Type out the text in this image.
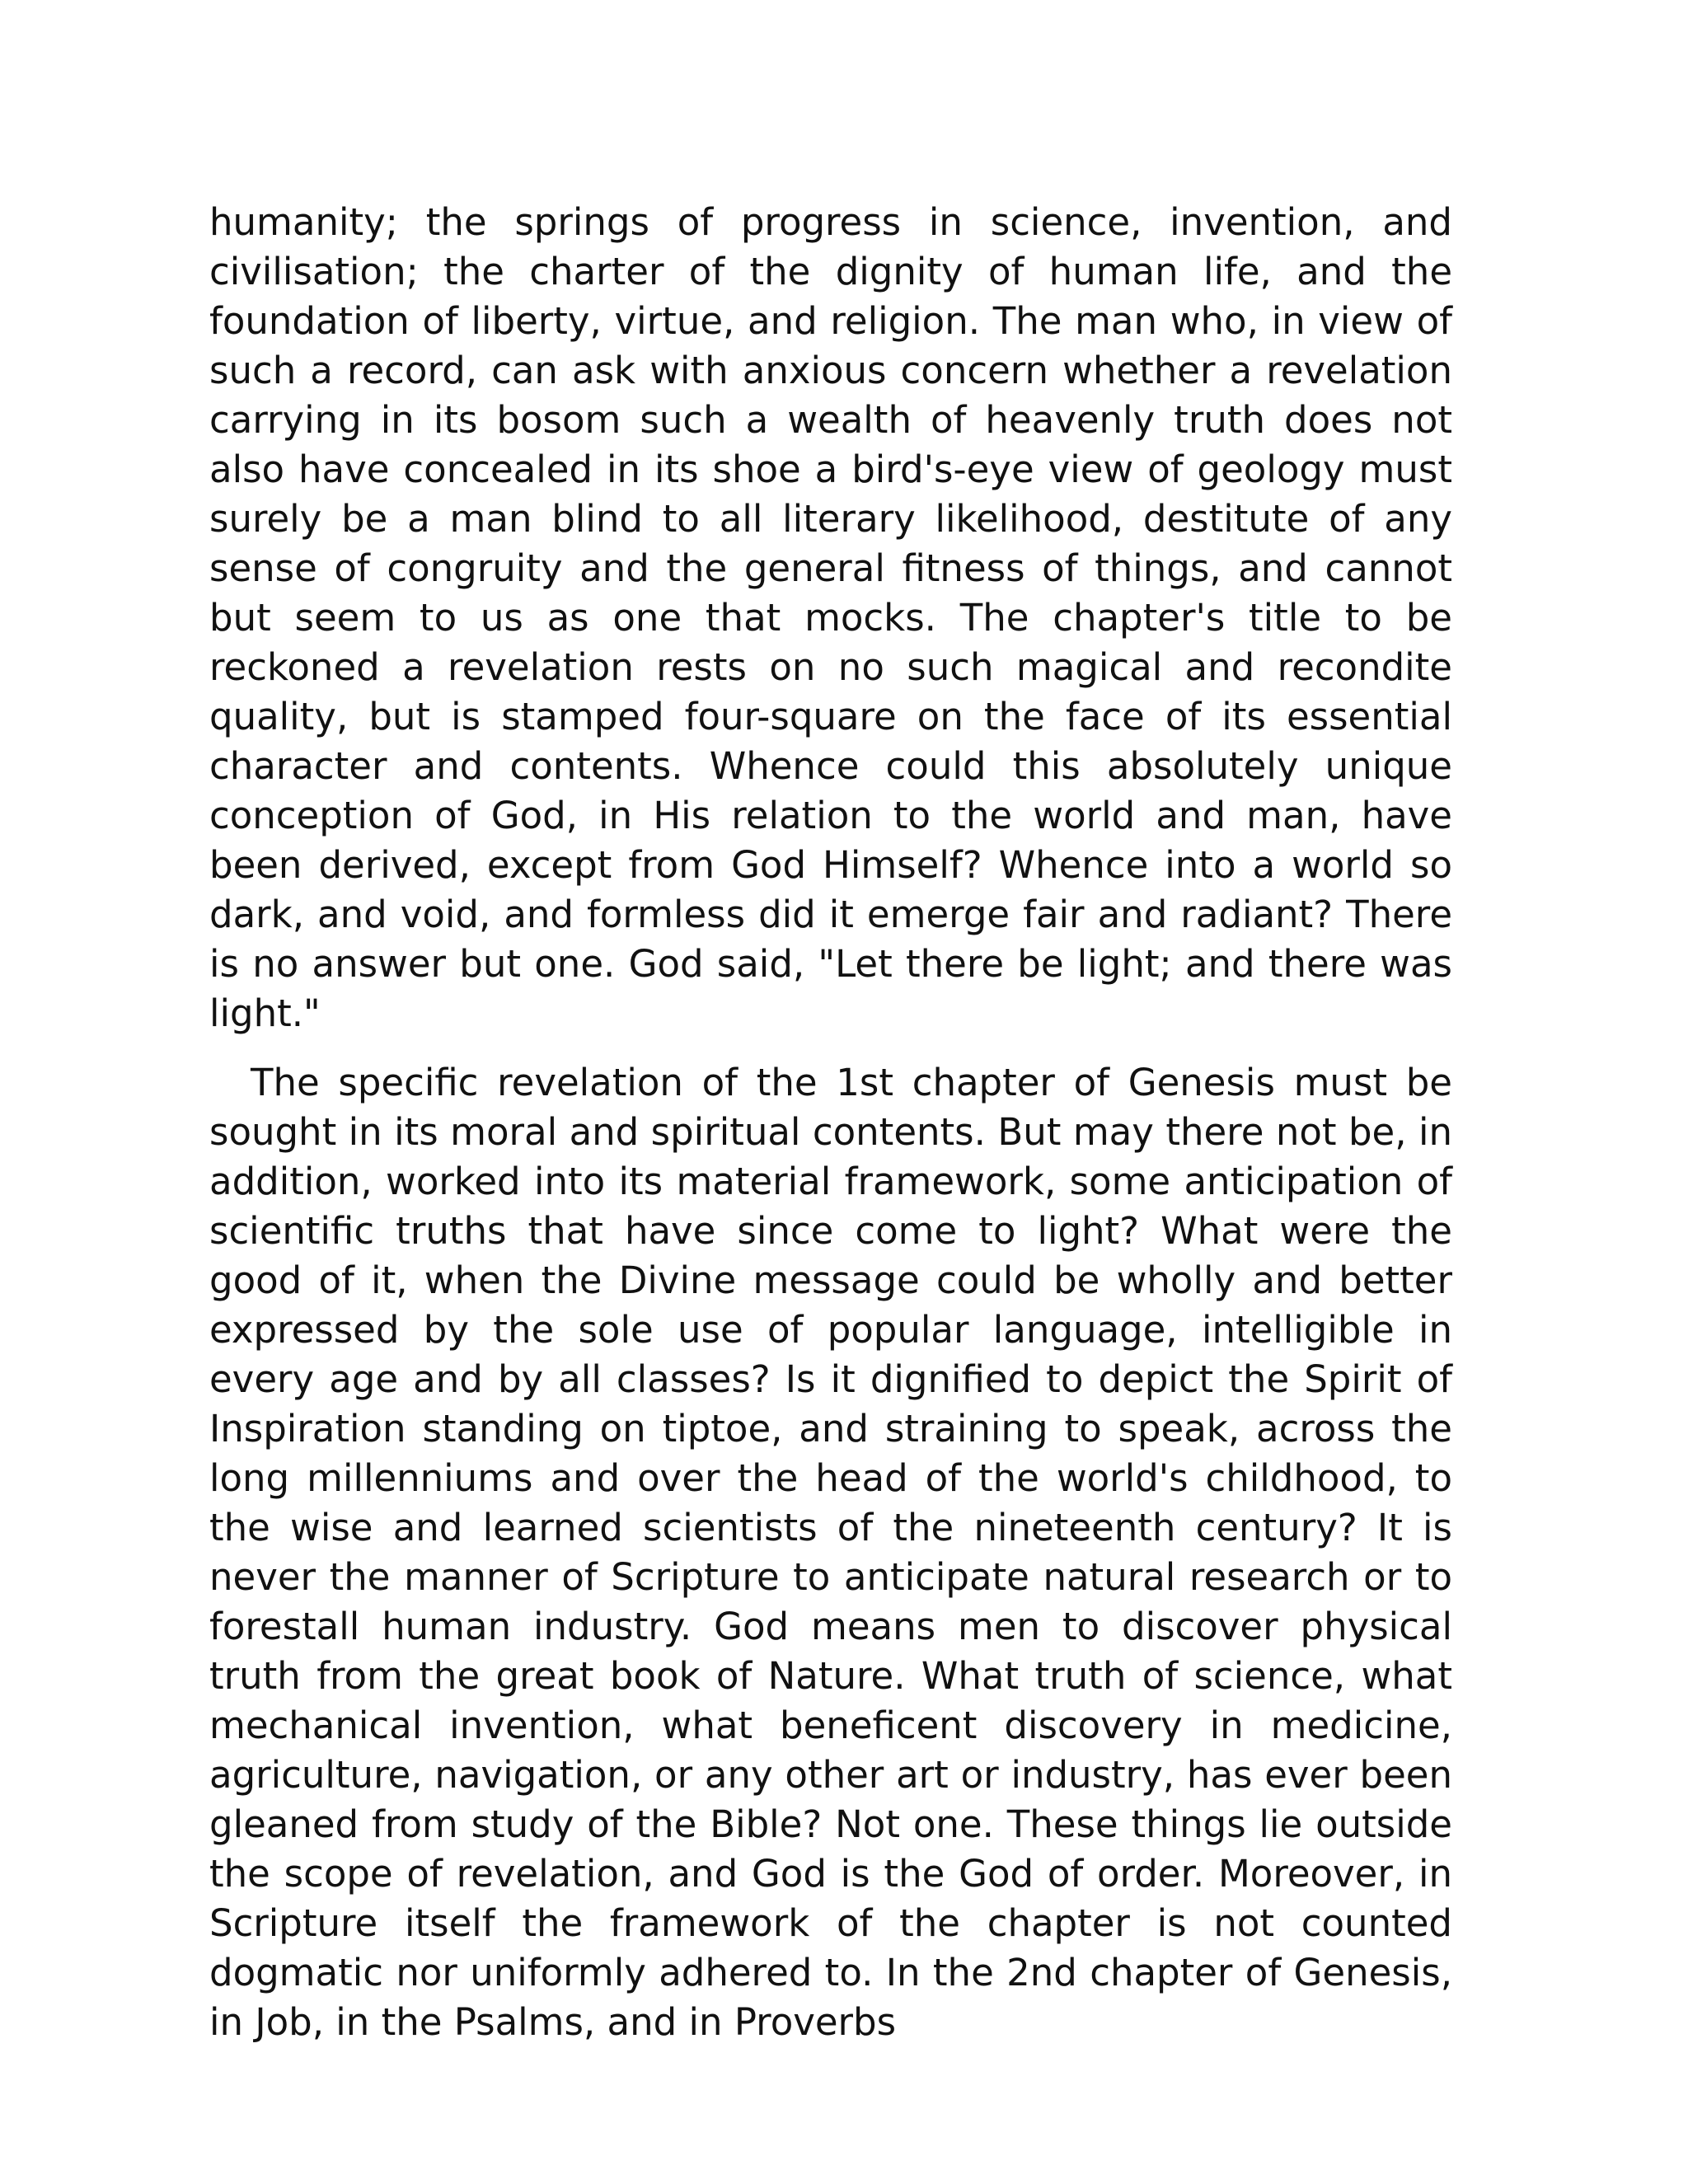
humanity; the springs of progress in science, invention, and civilisation; the charter of the dignity of human life, and the foundation of liberty, virtue, and religion. The man who, in view of such a record, can ask with anxious concern whether a revelation carrying in its bosom such a wealth of heavenly truth does not also have concealed in its shoe a bird's-eye view of geology must surely be a man blind to all literary likelihood, destitute of any sense of congruity and the general fitness of things, and cannot but seem to us as one that mocks. The chapter's title to be reckoned a revelation rests on no such magical and recondite quality, but is stamped four-square on the face of its essential character and contents. Whence could this absolutely unique conception of God, in His relation to the world and man, have been derived, except from God Himself? Whence into a world so dark, and void, and formless did it emerge fair and radiant? There is no answer but one. God said, "Let there be light; and there was light."

The specific revelation of the 1st chapter of Genesis must be sought in its moral and spiritual contents. But may there not be, in addition, worked into its material framework, some anticipation of scientific truths that have since come to light? What were the good of it, when the Divine message could be wholly and better expressed by the sole use of popular language, intelligible in every age and by all classes? Is it dignified to depict the Spirit of Inspiration standing on tiptoe, and straining to speak, across the long millenniums and over the head of the world's childhood, to the wise and learned scientists of the nineteenth century? It is never the manner of Scripture to anticipate natural research or to forestall human industry. God means men to discover physical truth from the great book of Nature. What truth of science, what mechanical invention, what beneficent discovery in medicine, agriculture, navigation, or any other art or industry, has ever been gleaned from study of the Bible? Not one. These things lie outside the scope of revelation, and God is the God of order. Moreover, in Scripture itself the framework of the chapter is not counted dogmatic nor uniformly adhered to. In the 2nd chapter of Genesis, in Job, in the Psalms, and in Proverbs
